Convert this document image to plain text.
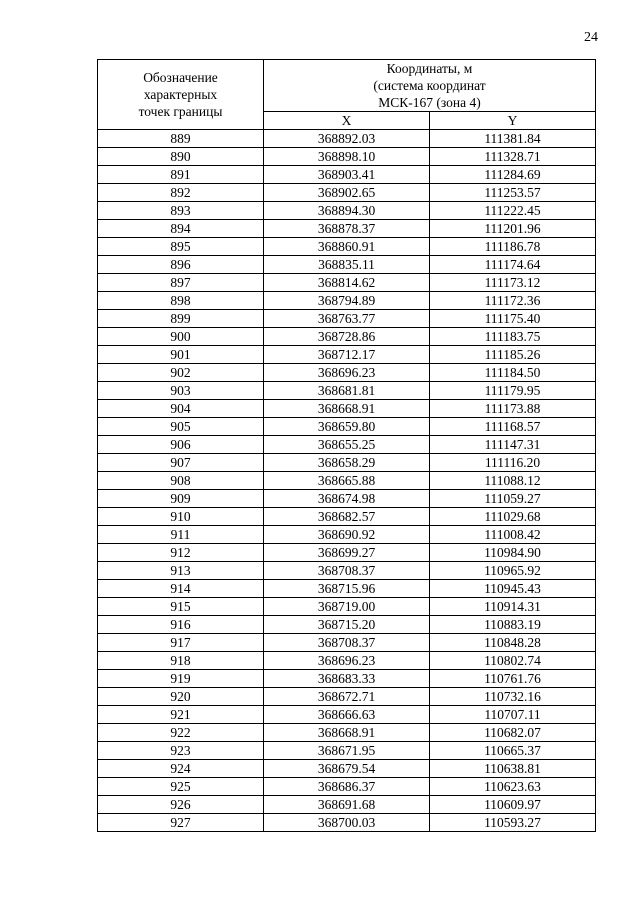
24
Обозначение
характерных
точек границы	Координаты, м
(система координат
МСК-167 (зона 4)	

	X	Y
889	368892.03	111381.84
890	368898.10	111328.71
891	368903.41	111284.69
892	368902.65	111253.57
893	368894.30	111222.45
894	368878.37	111201.96
895	368860.91	111186.78
896	368835.11	111174.64
897	368814.62	111173.12
898	368794.89	111172.36
899	368763.77	111175.40
900	368728.86	111183.75
901	368712.17	111185.26
902	368696.23	111184.50
903	368681.81	111179.95
904	368668.91	111173.88
905	368659.80	111168.57
906	368655.25	111147.31
907	368658.29	111116.20
908	368665.88	111088.12
909	368674.98	111059.27
910	368682.57	111029.68
911	368690.92	111008.42
912	368699.27	110984.90
913	368708.37	110965.92
914	368715.96	110945.43
915	368719.00	110914.31
916	368715.20	110883.19
917	368708.37	110848.28
918	368696.23	110802.74
919	368683.33	110761.76
920	368672.71	110732.16
921	368666.63	110707.11
922	368668.91	110682.07
923	368671.95	110665.37
924	368679.54	110638.81
925	368686.37	110623.63
926	368691.68	110609.97
927	368700.03	110593.27
